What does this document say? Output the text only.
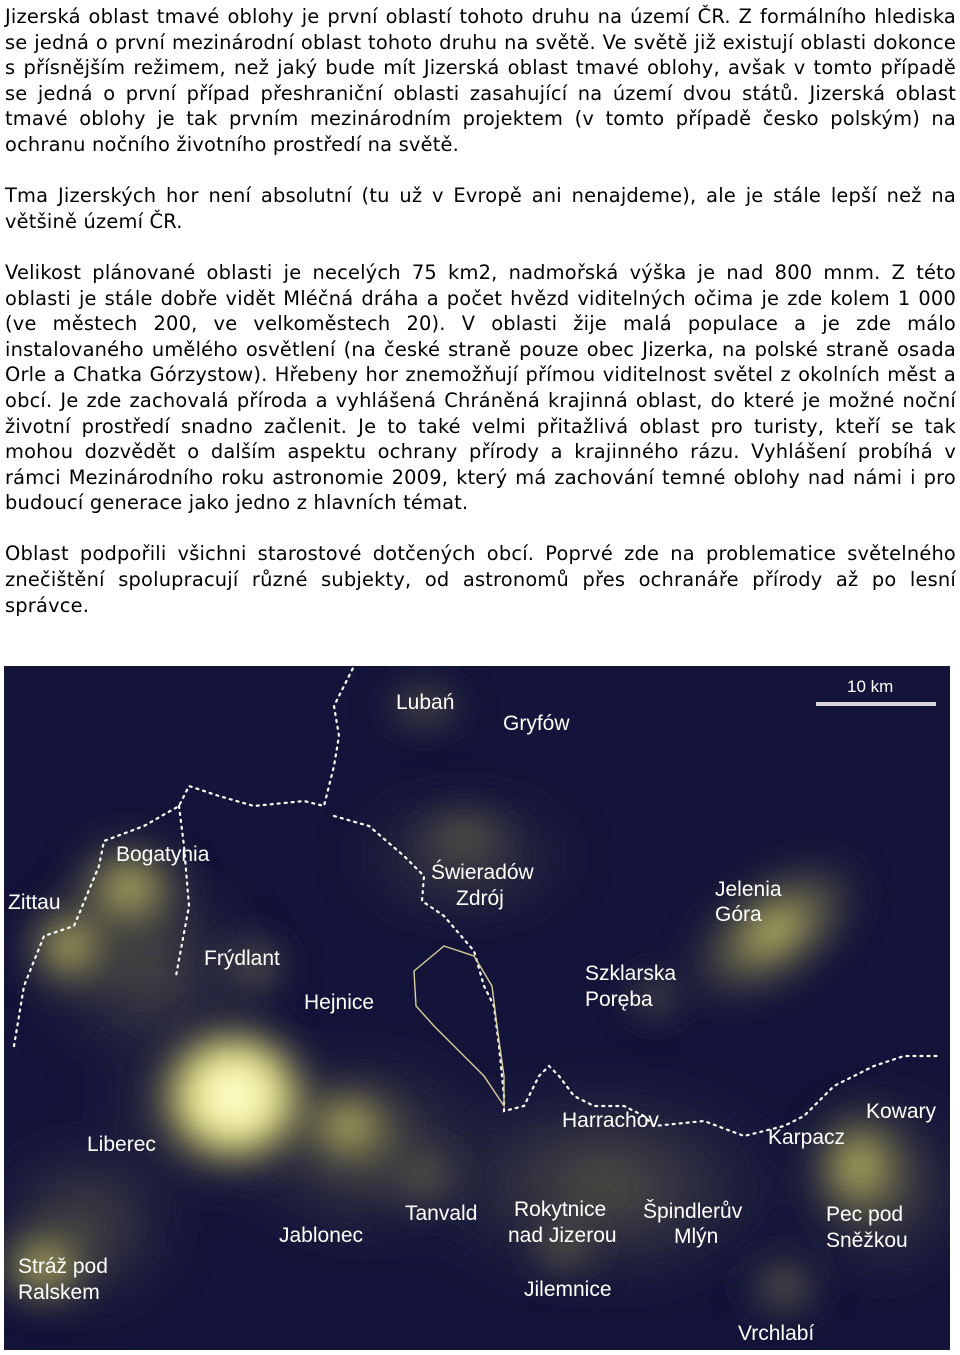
Jizerská oblast tmavé oblohy je první oblastí tohoto druhu na území ČR. Z formálního hlediska se jedná o první mezinárodní oblast tohoto druhu na světě. Ve světě již existují oblasti dokonce s přísnějším režimem, než jaký bude mít Jizerská oblast tmavé oblohy, avšak v tomto případě se jedná o první případ přeshraniční oblasti zasahující na území dvou států. Jizerská oblast tmavé oblohy je tak prvním mezinárodním projektem (v tomto případě česko polským) na ochranu nočního životního prostředí na světě.

Tma Jizerských hor není absolutní (tu už v Evropě ani nenajdeme), ale je stále lepší než na většině území ČR.

Velikost plánované oblasti je necelých 75 km2, nadmořská výška je nad 800 mnm. Z této oblasti je stále dobře vidět Mléčná dráha a počet hvězd viditelných očima je zde kolem 1 000 (ve městech 200, ve velkoměstech 20). V oblasti žije malá populace a je zde málo instalovaného umělého osvětlení (na české straně pouze obec Jizerka, na polské straně osada Orle a Chatka Górzystow). Hřebeny hor znemožňují přímou viditelnost světel z okolních měst a obcí. Je zde zachovalá příroda a vyhlášená Chráněná krajinná oblast, do které je možné noční životní prostředí snadno začlenit. Je to také velmi přitažlivá oblast pro turisty, kteří se tak mohou dozvědět o dalším aspektu ochrany přírody a krajinného rázu. Vyhlášení probíhá v rámci Mezinárodního roku astronomie 2009, který má zachování temné oblohy nad námi i pro budoucí generace jako jedno z hlavních témat.

Oblast podpořili všichni starostové dotčených obcí. Poprvé zde na problematice světelného znečištění spolupracují různé subjekty, od astronomů přes ochranáře přírody až po lesní správce.

10 km
Lubań
Gryfów
Bogatynia
Zittau
Świeradów
Zdrój	Jelenia
Góra
Frýdlant
Hejnice
Szklarska
Poręba
Kowary
Harrachov
Karpacz
Liberec
Tanvald Rokytnice
nad Jizerou
Špindlerův
Mlýn
Pec pod
Sněžkou
Jablonec
Stráž pod
Ralskem	Jilemnice
Vrchlabí
